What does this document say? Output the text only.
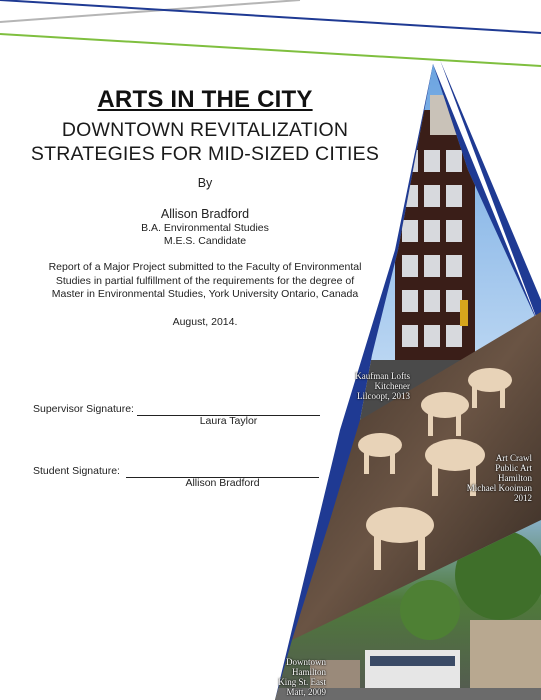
ARTS IN THE CITY
DOWNTOWN REVITALIZATION
STRATEGIES FOR MID-SIZED CITIES
By
Allison Bradford
B.A. Environmental Studies
M.E.S. Candidate
Report of a Major Project submitted to the Faculty of Environmental
Studies in partial fulfillment of the requirements for the degree of
Master in Environmental Studies, York University Ontario, Canada
August, 2014.
Supervisor Signature:
Laura Taylor
Student Signature:
Allison Bradford
Kaufman Lofts
Kitchener
Lilcoopt, 2013
Art Crawl
Public Art
Hamilton
Michael Kooiman
2012
Downtown Hamilton
King St. East
Matt, 2009
